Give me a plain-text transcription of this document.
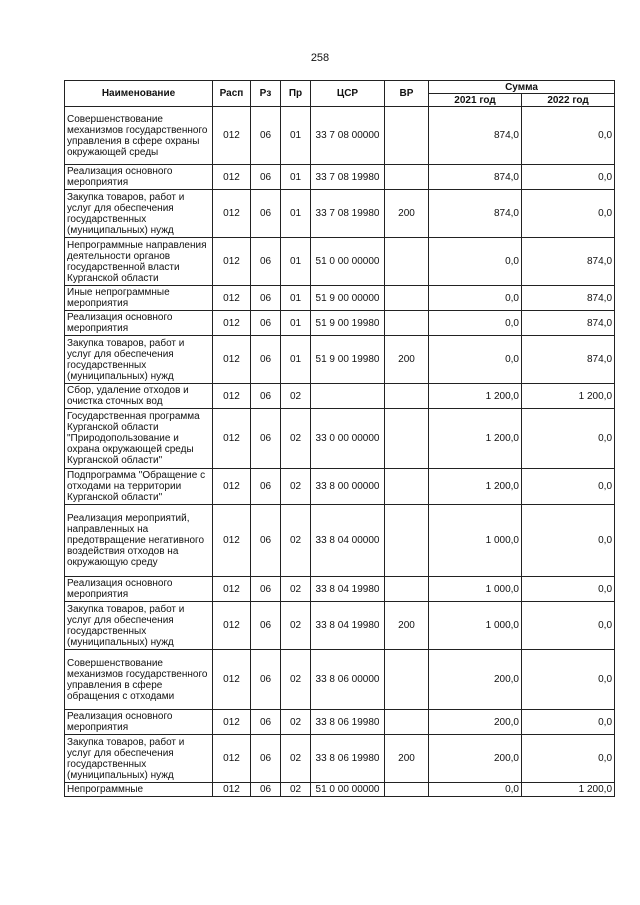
258
Наименование	Расп	Рз	Пр	ЦСР	ВР	Сумма	
						2021 год	2022 год
Совершенствование механизмов государственного управления в сфере охраны окружающей среды	012	06	01	33 7 08 00000		874,0	0,0
Реализация основного мероприятия	012	06	01	33 7 08 19980		874,0	0,0
Закупка товаров, работ и услуг для обеспечения государственных (муниципальных) нужд	012	06	01	33 7 08 19980	200	874,0	0,0
Непрограммные направления деятельности органов государственной власти Курганской области	012	06	01	51 0 00 00000		0,0	874,0
Иные непрограммные мероприятия	012	06	01	51 9 00 00000		0,0	874,0
Реализация основного мероприятия	012	06	01	51 9 00 19980		0,0	874,0
Закупка товаров, работ и услуг для обеспечения государственных (муниципальных) нужд	012	06	01	51 9 00 19980	200	0,0	874,0
Сбор, удаление отходов и очистка сточных вод	012	06	02			1 200,0	1 200,0
Государственная программа Курганской области "Природопользование и охрана окружающей среды Курганской области"	012	06	02	33 0 00 00000		1 200,0	0,0
Подпрограмма "Обращение с отходами на территории Курганской области"	012	06	02	33 8 00 00000		1 200,0	0,0
Реализация мероприятий, направленных на предотвращение негативного воздействия отходов на окружающую среду	012	06	02	33 8 04 00000		1 000,0	0,0
Реализация основного мероприятия	012	06	02	33 8 04 19980		1 000,0	0,0
Закупка товаров, работ и услуг для обеспечения государственных (муниципальных) нужд	012	06	02	33 8 04 19980	200	1 000,0	0,0
Совершенствование механизмов государственного управления в сфере обращения с отходами	012	06	02	33 8 06 00000		200,0	0,0
Реализация основного мероприятия	012	06	02	33 8 06 19980		200,0	0,0
Закупка товаров, работ и услуг для обеспечения государственных (муниципальных) нужд	012	06	02	33 8 06 19980	200	200,0	0,0
Непрограммные	012	06	02	51 0 00 00000		0,0	1 200,0
